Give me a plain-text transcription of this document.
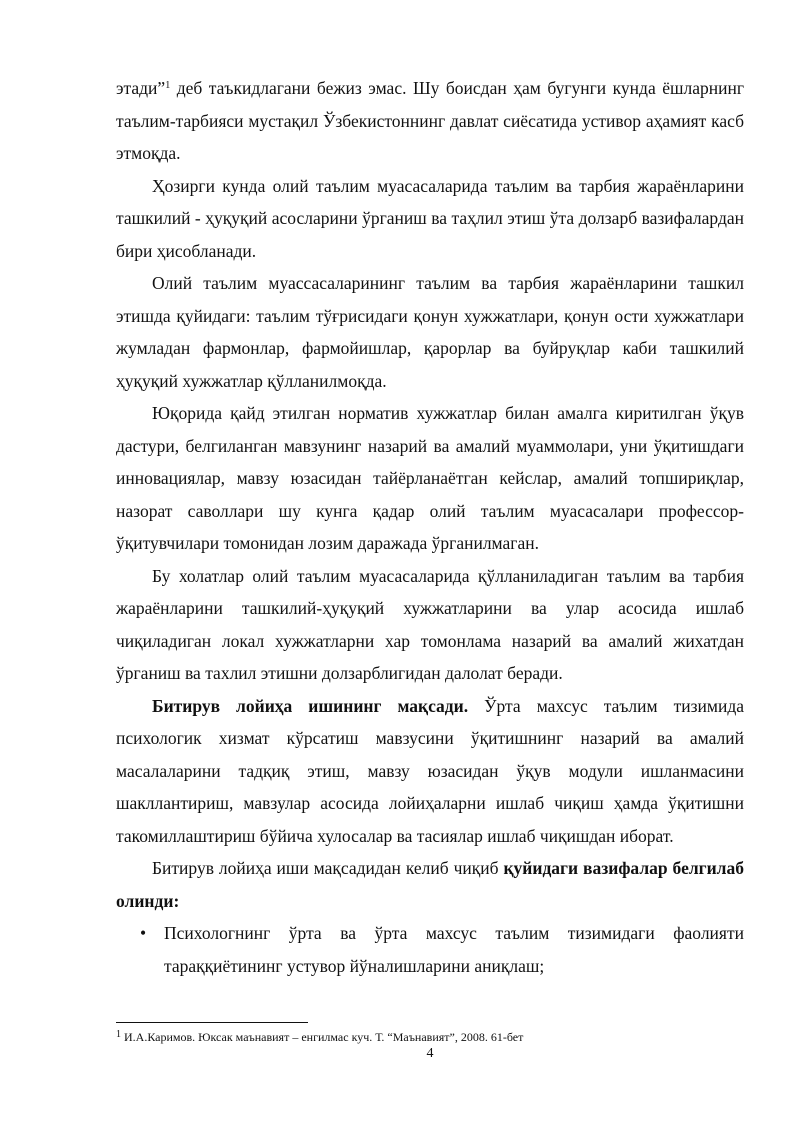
этади”$^1$ деб таъкидлагани бежиз эмас. Шу боисдан ҳам бугунги кунда ёшларнинг таълим-тарбияси мустақил Ўзбекистоннинг давлат сиёсатида устивор аҳамият касб этмоқда.

Ҳозирги кунда олий таълим муасасаларида таълим ва тарбия жараёнларини ташкилий - ҳуқуқий асосларини ўрганиш ва таҳлил этиш ўта долзарб вазифалардан бири ҳисобланади.

Олий таълим муассасаларининг таълим ва тарбия жараёнларини ташкил этишда қуйидаги: таълим тўғрисидаги қонун хужжатлари, қонун ости хужжатлари жумладан фармонлар, фармойишлар, қарорлар ва буйруқлар каби ташкилий ҳуқуқий хужжатлар қўлланилмоқда.

Юқорида қайд этилган норматив хужжатлар билан амалга киритилган ўқув дастури, белгиланган мавзунинг назарий ва амалий муаммолари, уни ўқитишдаги инновациялар, мавзу юзасидан тайёрланаётган кейслар, амалий топшириқлар, назорат саволлари шу кунга қадар олий таълим муасасалари профессор-ўқитувчилари томонидан лозим даражада ўрганилмаган.

Бу холатлар олий таълим муасасаларида қўлланиладиган таълим ва тарбия жараёнларини ташкилий-ҳуқуқий хужжатларини ва улар асосида ишлаб чиқиладиган локал хужжатларни хар томонлама назарий ва амалий жихатдан ўрганиш ва тахлил этишни долзарблигидан далолат беради.

Битирув лойиҳа ишининг мақсади. Ўрта махсус таълим тизимида психологик хизмат кўрсатиш мавзусини ўқитишнинг назарий ва амалий масалаларини тадқиқ этиш, мавзу юзасидан ўқув модули ишланмасини шакллантириш, мавзулар асосида лойиҳаларни ишлаб чиқиш ҳамда ўқитишни такомиллаштириш бўйича хулосалар ва тасиялар ишлаб чиқишдан иборат.

Битирув лойиҳа иши мақсадидан келиб чиқиб қуйидаги вазифалар белгилаб олинди:

• Психологнинг ўрта ва ўрта махсус таълим тизимидаги фаолияти тараққиётининг устувор йўналишларини аниқлаш;
$^1$ И.А.Каримов. Юксак маънавият – енгилмас куч. Т. “Маънавият”, 2008. 61-бет
4
